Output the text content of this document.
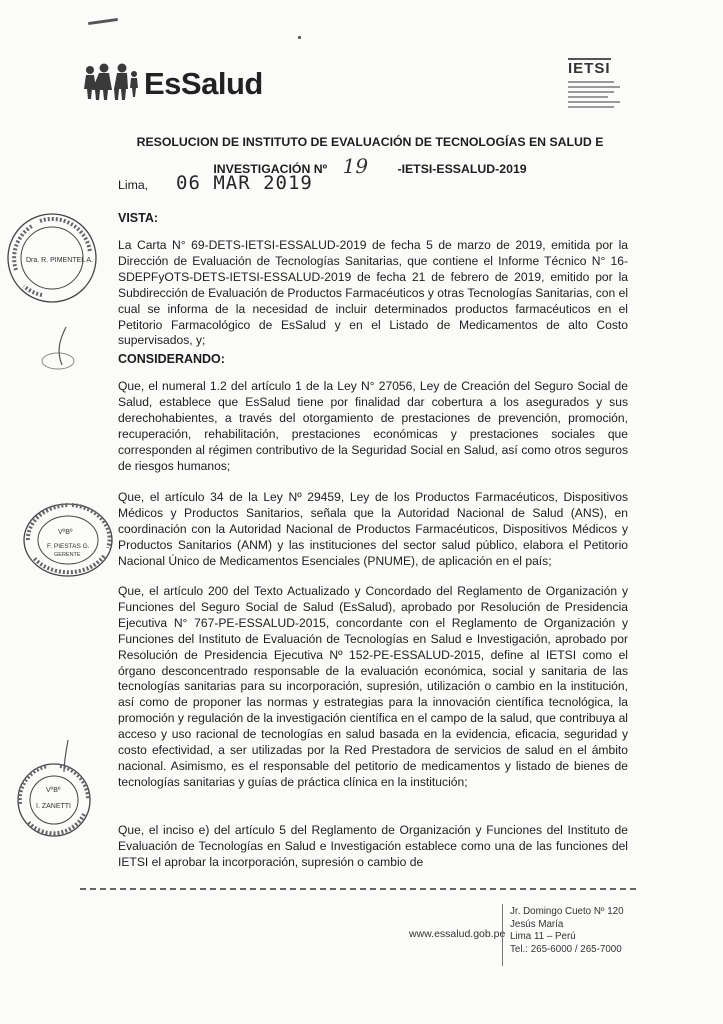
EsSalud	IETSI
RESOLUCION DE INSTITUTO DE EVALUACIÓN DE TECNOLOGÍAS EN SALUD E
INVESTIGACIÓN Nº 19 -IETSI-ESSALUD-2019
Lima, 06 MAR 2019
VISTA:

La Carta N° 69-DETS-IETSI-ESSALUD-2019 de fecha 5 de marzo de 2019, emitida por la Dirección de Evaluación de Tecnologías Sanitarias, que contiene el Informe Técnico N° 16-SDEPFyOTS-DETS-IETSI-ESSALUD-2019 de fecha 21 de febrero de 2019, emitido por la Subdirección de Evaluación de Productos Farmacéuticos y otras Tecnologías Sanitarias, con el cual se informa de la necesidad de incluir determinados productos farmacéuticos en el Petitorio Farmacológico de EsSalud y en el Listado de Medicamentos de alto Costo supervisados, y;

CONSIDERANDO:

Que, el numeral 1.2 del artículo 1 de la Ley N° 27056, Ley de Creación del Seguro Social de Salud, establece que EsSalud tiene por finalidad dar cobertura a los asegurados y sus derechohabientes, a través del otorgamiento de prestaciones de prevención, promoción, recuperación, rehabilitación, prestaciones económicas y prestaciones sociales que corresponden al régimen contributivo de la Seguridad Social en Salud, así como otros seguros de riesgos humanos;

Que, el artículo 34 de la Ley Nº 29459, Ley de los Productos Farmacéuticos, Dispositivos Médicos y Productos Sanitarios, señala que la Autoridad Nacional de Salud (ANS), en coordinación con la Autoridad Nacional de Productos Farmacéuticos, Dispositivos Médicos y Productos Sanitarios (ANM) y las instituciones del sector salud público, elabora el Petitorio Nacional Único de Medicamentos Esenciales (PNUME), de aplicación en el país;

Que, el artículo 200 del Texto Actualizado y Concordado del Reglamento de Organización y Funciones del Seguro Social de Salud (EsSalud), aprobado por Resolución de Presidencia Ejecutiva N° 767-PE-ESSALUD-2015, concordante con el Reglamento de Organización y Funciones del Instituto de Evaluación de Tecnologías en Salud e Investigación, aprobado por Resolución de Presidencia Ejecutiva Nº 152-PE-ESSALUD-2015, define al IETSI como el órgano desconcentrado responsable de la evaluación económica, social y sanitaria de las tecnologías sanitarias para su incorporación, supresión, utilización o cambio en la institución, así como de proponer las normas y estrategias para la innovación científica tecnológica, la promoción y regulación de la investigación científica en el campo de la salud, que contribuya al acceso y uso racional de tecnologías en salud basada en la evidencia, eficacia, seguridad y costo efectividad, a ser utilizadas por la Red Prestadora de servicios de salud en el ámbito nacional. Asimismo, es el responsable del petitorio de medicamentos y listado de bienes de tecnologías sanitarias y guías de práctica clínica en la institución;

Que, el inciso e) del artículo 5 del Reglamento de Organización y Funciones del Instituto de Evaluación de Tecnologías en Salud e Investigación establece como una de las funciones del IETSI el aprobar la incorporación, supresión o cambio de

Dra. R. PIMENTEL A.
VºBº
F. PIESTAS G.
GERENTE
VºBº
I. ZANETTI
www.essalud.gob.pe
Jr. Domingo Cueto Nº 120
Jesús María
Lima 11 – Perú
Tel.: 265-6000 / 265-7000
